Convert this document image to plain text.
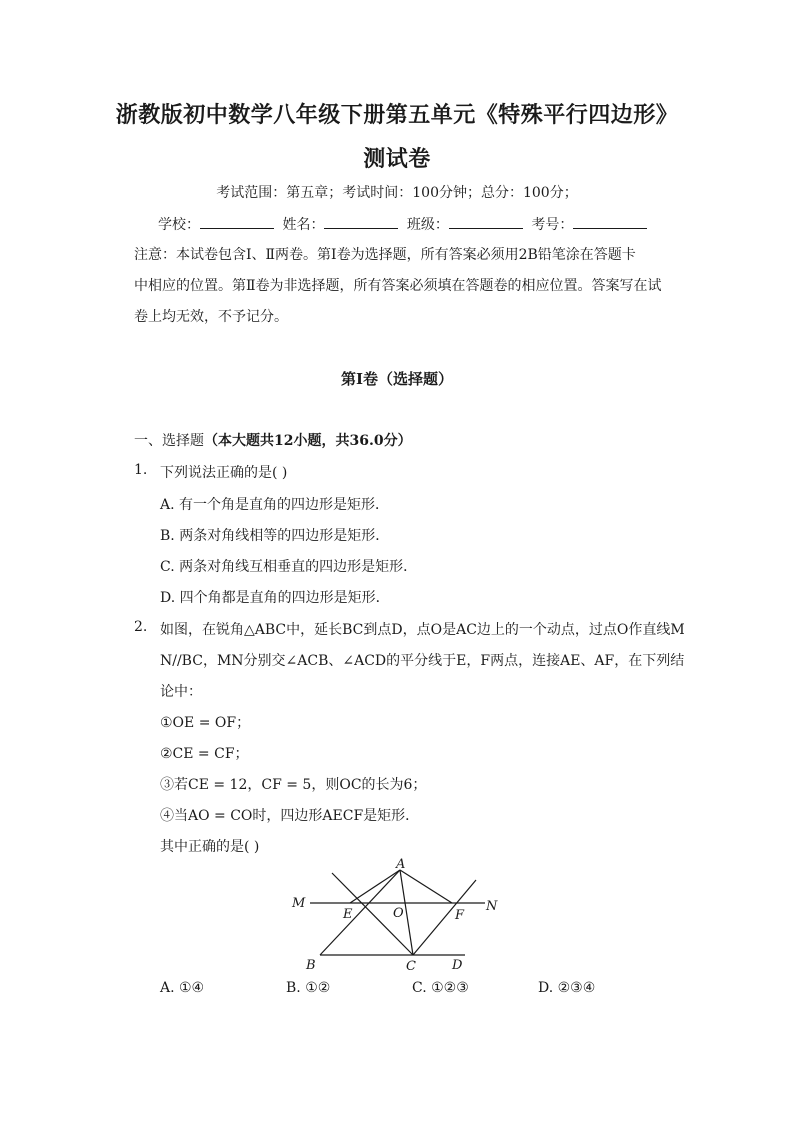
浙教版初中数学八年级下册第五单元《特殊平行四边形》
测试卷
考试范围：第五章；考试时间：100分钟；总分：100分；
学校：	姓名：	班级：	考号：
注意：本试卷包含Ⅰ、Ⅱ两卷。第Ⅰ卷为选择题，所有答案必须用2B铅笔涂在答题卡
中相应的位置。第Ⅱ卷为非选择题，所有答案必须填在答题卷的相应位置。答案写在试
卷上均无效，不予记分。
第Ⅰ卷（选择题）
一、选择题（本大题共12小题，共36.0分）
1. 下列说法正确的是( )
A. 有一个角是直角的四边形是矩形．
B. 两条对角线相等的四边形是矩形．
C. 两条对角线互相垂直的四边形是矩形．
D. 四个角都是直角的四边形是矩形．
2. 如图，在锐角△ABC中，延长BC到点D，点O是AC边上的一个动点，过点O作直线M
N//BC，MN分别交∠ACB、∠ACD的平分线于E，F两点，连接AE、AF，在下列结
论中：
①OE = OF；
②CE = CF；
③若CE = 12，CF = 5，则OC的长为6；
④当AO = CO时，四边形AECF是矩形．
其中正确的是( )
A
M	N
E	O	F
B	C	D
A. ①④	B. ①②	C. ①②③	D. ②③④
